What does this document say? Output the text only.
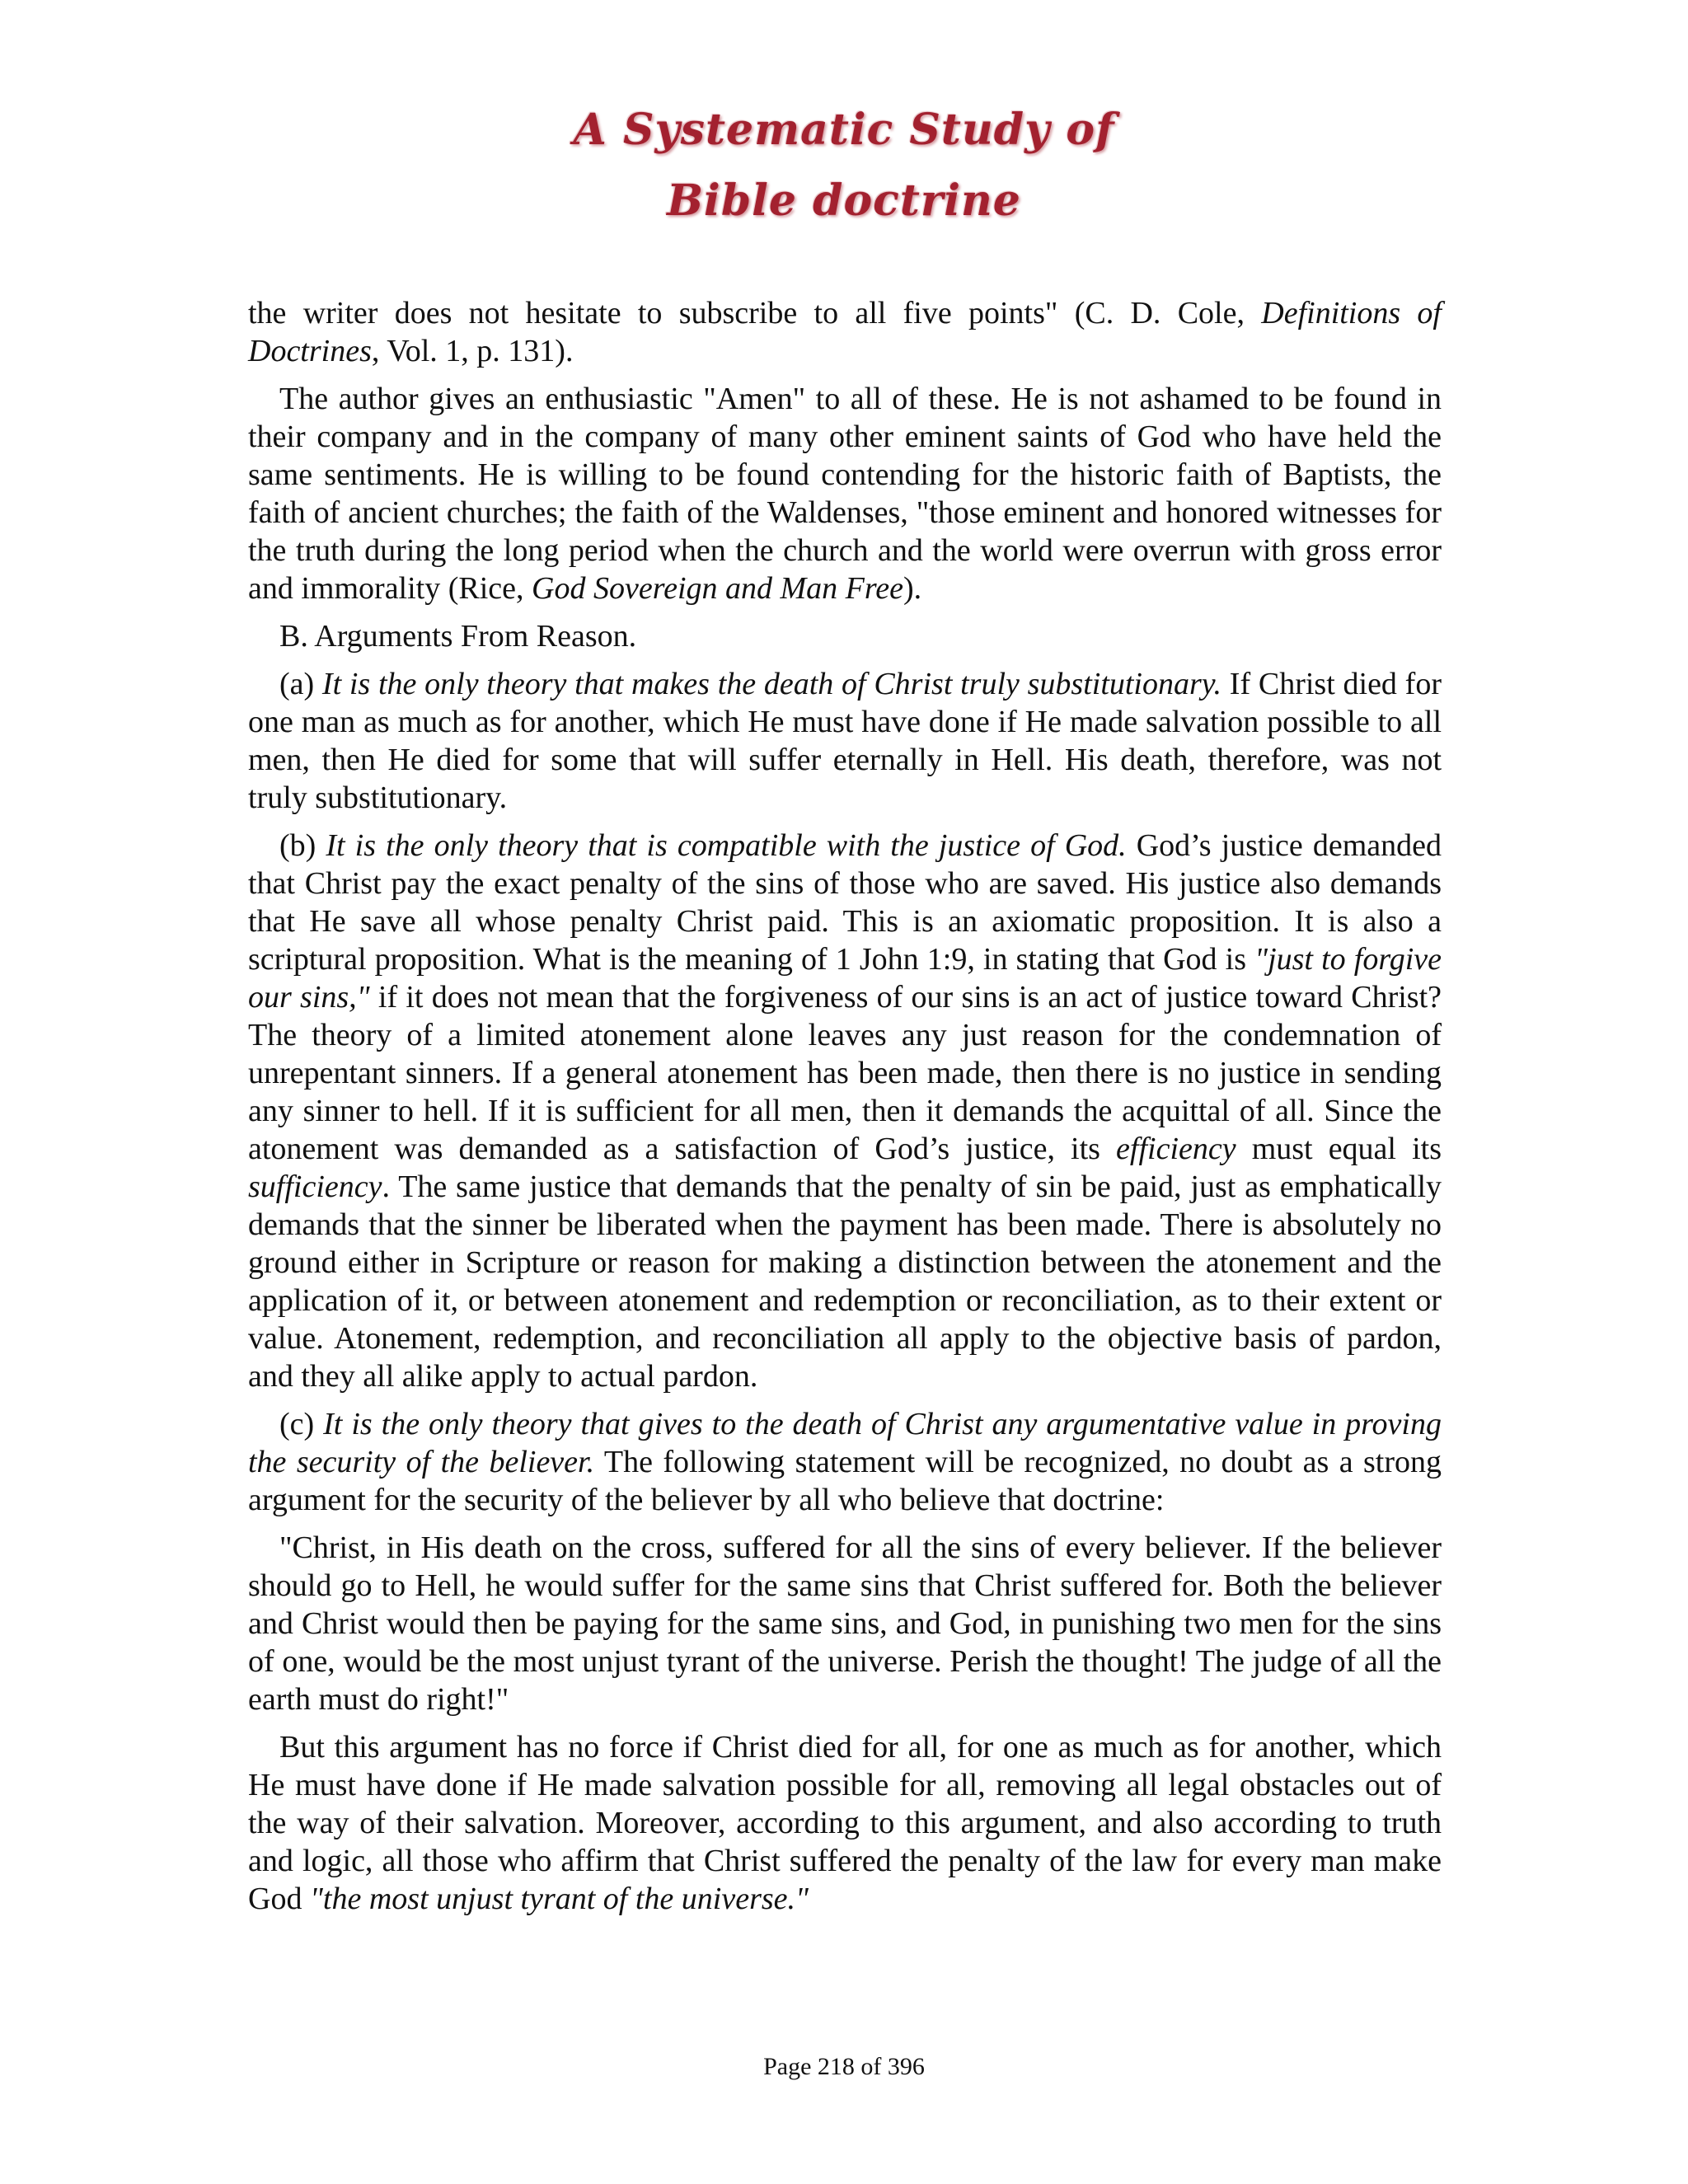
A Systematic Study of
Bible doctrine

the writer does not hesitate to subscribe to all five points" (C. D. Cole, Definitions of Doctrines, Vol. 1, p. 131).

The author gives an enthusiastic "Amen" to all of these. He is not ashamed to be found in their company and in the company of many other eminent saints of God who have held the same sentiments. He is willing to be found contending for the historic faith of Baptists, the faith of ancient churches; the faith of the Waldenses, "those eminent and honored witnesses for the truth during the long period when the church and the world were overrun with gross error and immorality (Rice, God Sovereign and Man Free).

B. Arguments From Reason.

(a) It is the only theory that makes the death of Christ truly substitutionary. If Christ died for one man as much as for another, which He must have done if He made salvation possible to all men, then He died for some that will suffer eternally in Hell. His death, therefore, was not truly substitutionary.

(b) It is the only theory that is compatible with the justice of God. God’s justice demanded that Christ pay the exact penalty of the sins of those who are saved. His justice also demands that He save all whose penalty Christ paid. This is an axiomatic proposition. It is also a scriptural proposition. What is the meaning of 1 John 1:9, in stating that God is "just to forgive our sins," if it does not mean that the forgiveness of our sins is an act of justice toward Christ? The theory of a limited atonement alone leaves any just reason for the condemnation of unrepentant sinners. If a general atonement has been made, then there is no justice in sending any sinner to hell. If it is sufficient for all men, then it demands the acquittal of all. Since the atonement was demanded as a satisfaction of God’s justice, its efficiency must equal its sufficiency. The same justice that demands that the penalty of sin be paid, just as emphatically demands that the sinner be liberated when the payment has been made. There is absolutely no ground either in Scripture or reason for making a distinction between the atonement and the application of it, or between atonement and redemption or reconciliation, as to their extent or value. Atonement, redemption, and reconciliation all apply to the objective basis of pardon, and they all alike apply to actual pardon.

(c) It is the only theory that gives to the death of Christ any argumentative value in proving the security of the believer. The following statement will be recognized, no doubt as a strong argument for the security of the believer by all who believe that doctrine:

"Christ, in His death on the cross, suffered for all the sins of every believer. If the believer should go to Hell, he would suffer for the same sins that Christ suffered for. Both the believer and Christ would then be paying for the same sins, and God, in punishing two men for the sins of one, would be the most unjust tyrant of the universe. Perish the thought! The judge of all the earth must do right!"

But this argument has no force if Christ died for all, for one as much as for another, which He must have done if He made salvation possible for all, removing all legal obstacles out of the way of their salvation. Moreover, according to this argument, and also according to truth and logic, all those who affirm that Christ suffered the penalty of the law for every man make God "the most unjust tyrant of the universe."

Page 218 of 396
